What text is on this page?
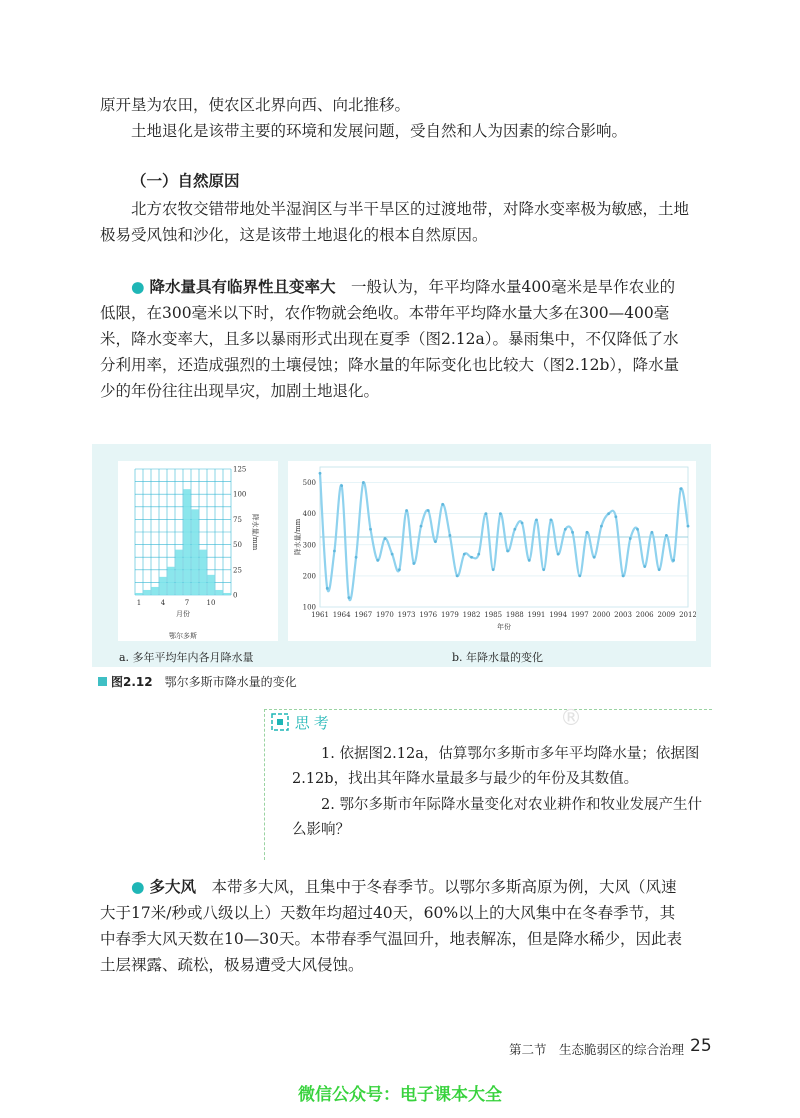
原开垦为农田，使农区北界向西、向北推移。

土地退化是该带主要的环境和发展问题，受自然和人为因素的综合影响。

（一）自然原因

北方农牧交错带地处半湿润区与半干旱区的过渡地带，对降水变率极为敏感，土地极易受风蚀和沙化，这是该带土地退化的根本自然原因。

● 降水量具有临界性且变率大　 一般认为，年平均降水量400毫米是旱作农业的低限，在300毫米以下时，农作物就会绝收。本带年平均降水量大多在300—400毫米，降水变率大，且多以暴雨形式出现在夏季（图2.12a）。暴雨集中，不仅降低了水分利用率，还造成强烈的土壤侵蚀；降水量的年际变化也比较大（图2.12b），降水量少的年份往往出现旱灾，加剧土地退化。

0
25
50
75
100
125
1	4	7 10
月份
降水量/mm
鄂尔多斯
100
200
300
400
500
1961 1964 1967 1970 1973 1976 1979 1982 1985 1988 1991 1994 1997 2000 2003 2006 2009 2012
年份
降水量/mm
a. 多年平均年内各月降水量	b. 年降水量的变化
图2.12　 鄂尔多斯市降水量的变化
思考	®

1. 依据图2.12a，估算鄂尔多斯市多年平均降水量；依据图2.12b，找出其年降水量最多与最少的年份及其数值。

2. 鄂尔多斯市年际降水量变化对农业耕作和牧业发展产生什么影响？

● 多大风　 本带多大风，且集中于冬春季节。以鄂尔多斯高原为例，大风（风速大于17米/秒或八级以上）天数年均超过40天，60%以上的大风集中在冬春季节，其中春季大风天数在10—30天。本带春季气温回升，地表解冻，但是降水稀少，因此表土层裸露、疏松，极易遭受大风侵蚀。

第二节　生态脆弱区的综合治理 25
微信公众号：电子课本大全
